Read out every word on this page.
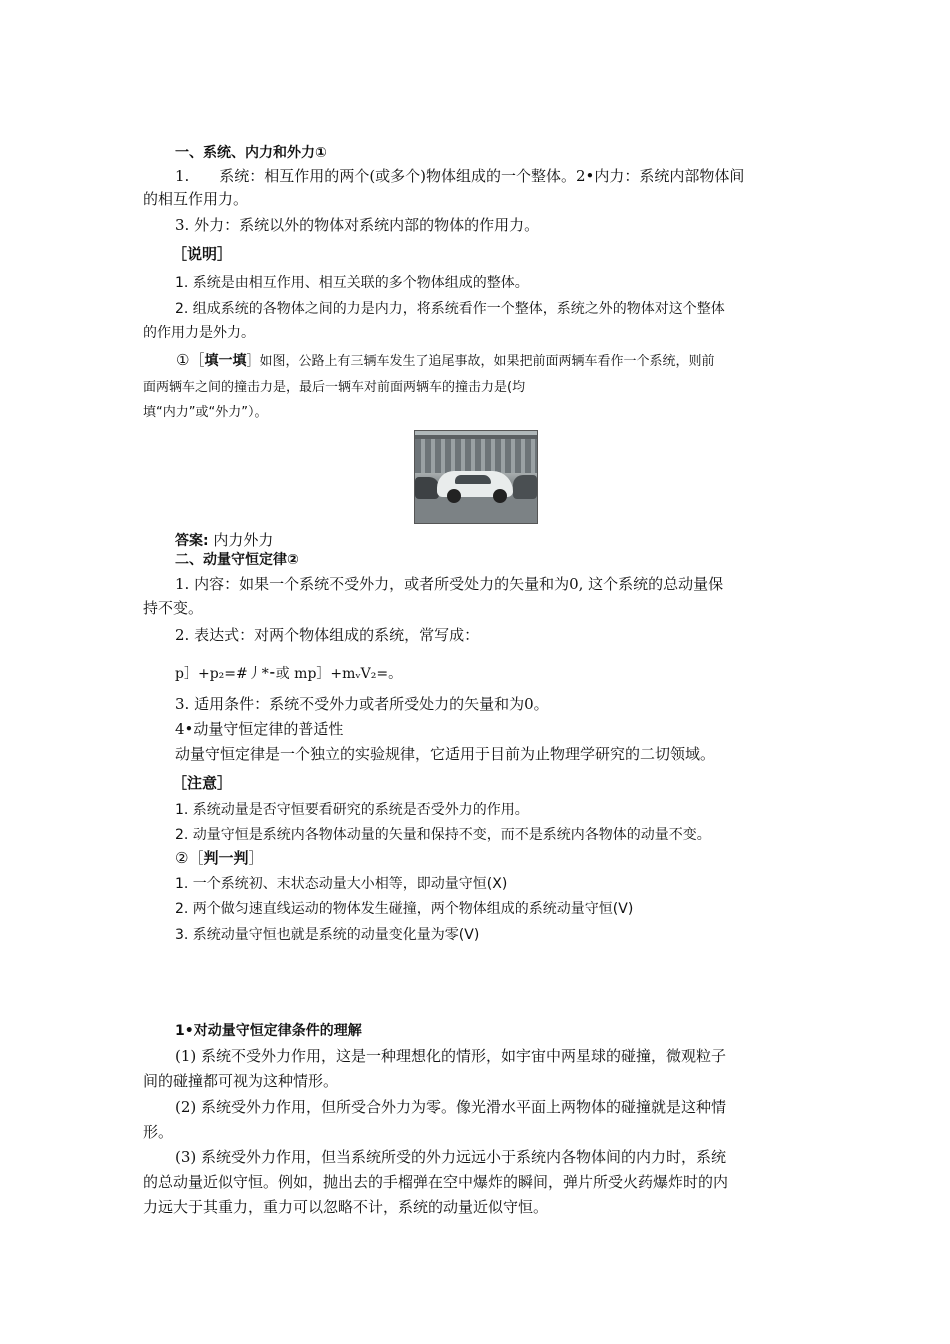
一、系统、内力和外力①
1.　　系统：相互作用的两个(或多个)物体组成的一个整体。2•内力：系统内部物体间
的相互作用力。
3. 外力：系统以外的物体对系统内部的物体的作用力。
［说明］
1. 系统是由相互作用、相互关联的多个物体组成的整体。
2. 组成系统的各物体之间的力是内力，将系统看作一个整体，系统之外的物体对这个整体
的作用力是外力。
①［填一填］如图，公路上有三辆车发生了追尾事故，如果把前面两辆车看作一个系统，则前
面两辆车之间的撞击力是，最后一辆车对前面两辆车的撞击力是(均
填“内力”或“外力”）。
答案: 内力外力
二、动量守恒定律②
1. 内容：如果一个系统不受外力，或者所受处力的矢量和为0, 这个系统的总动量保
持不变。
2. 表达式：对两个物体组成的系统，常写成：
p］+p₂=#丿*⁃或 mp］+mᵥV₂=。
3. 适用条件：系统不受外力或者所受处力的矢量和为0。
4•动量守恒定律的普适性
动量守恒定律是一个独立的实验规律，它适用于目前为止物理学研究的二切领域。
［注意］
1. 系统动量是否守恒要看研究的系统是否受外力的作用。
2. 动量守恒是系统内各物体动量的矢量和保持不变，而不是系统内各物体的动量不变。
②［判一判］
1. 一个系统初、末状态动量大小相等，即动量守恒(X)
2. 两个做匀速直线运动的物体发生碰撞，两个物体组成的系统动量守恒(V)
3. 系统动量守恒也就是系统的动量变化量为零(V)
1•对动量守恒定律条件的理解
(1) 系统不受外力作用，这是一种理想化的情形，如宇宙中两星球的碰撞，微观粒子
间的碰撞都可视为这种情形。
(2) 系统受外力作用，但所受合外力为零。像光滑水平面上两物体的碰撞就是这种情
形。
(3) 系统受外力作用，但当系统所受的外力远远小于系统内各物体间的内力时，系统
的总动量近似守恒。例如，抛出去的手榴弹在空中爆炸的瞬间，弹片所受火药爆炸时的内
力远大于其重力，重力可以忽略不计，系统的动量近似守恒。
